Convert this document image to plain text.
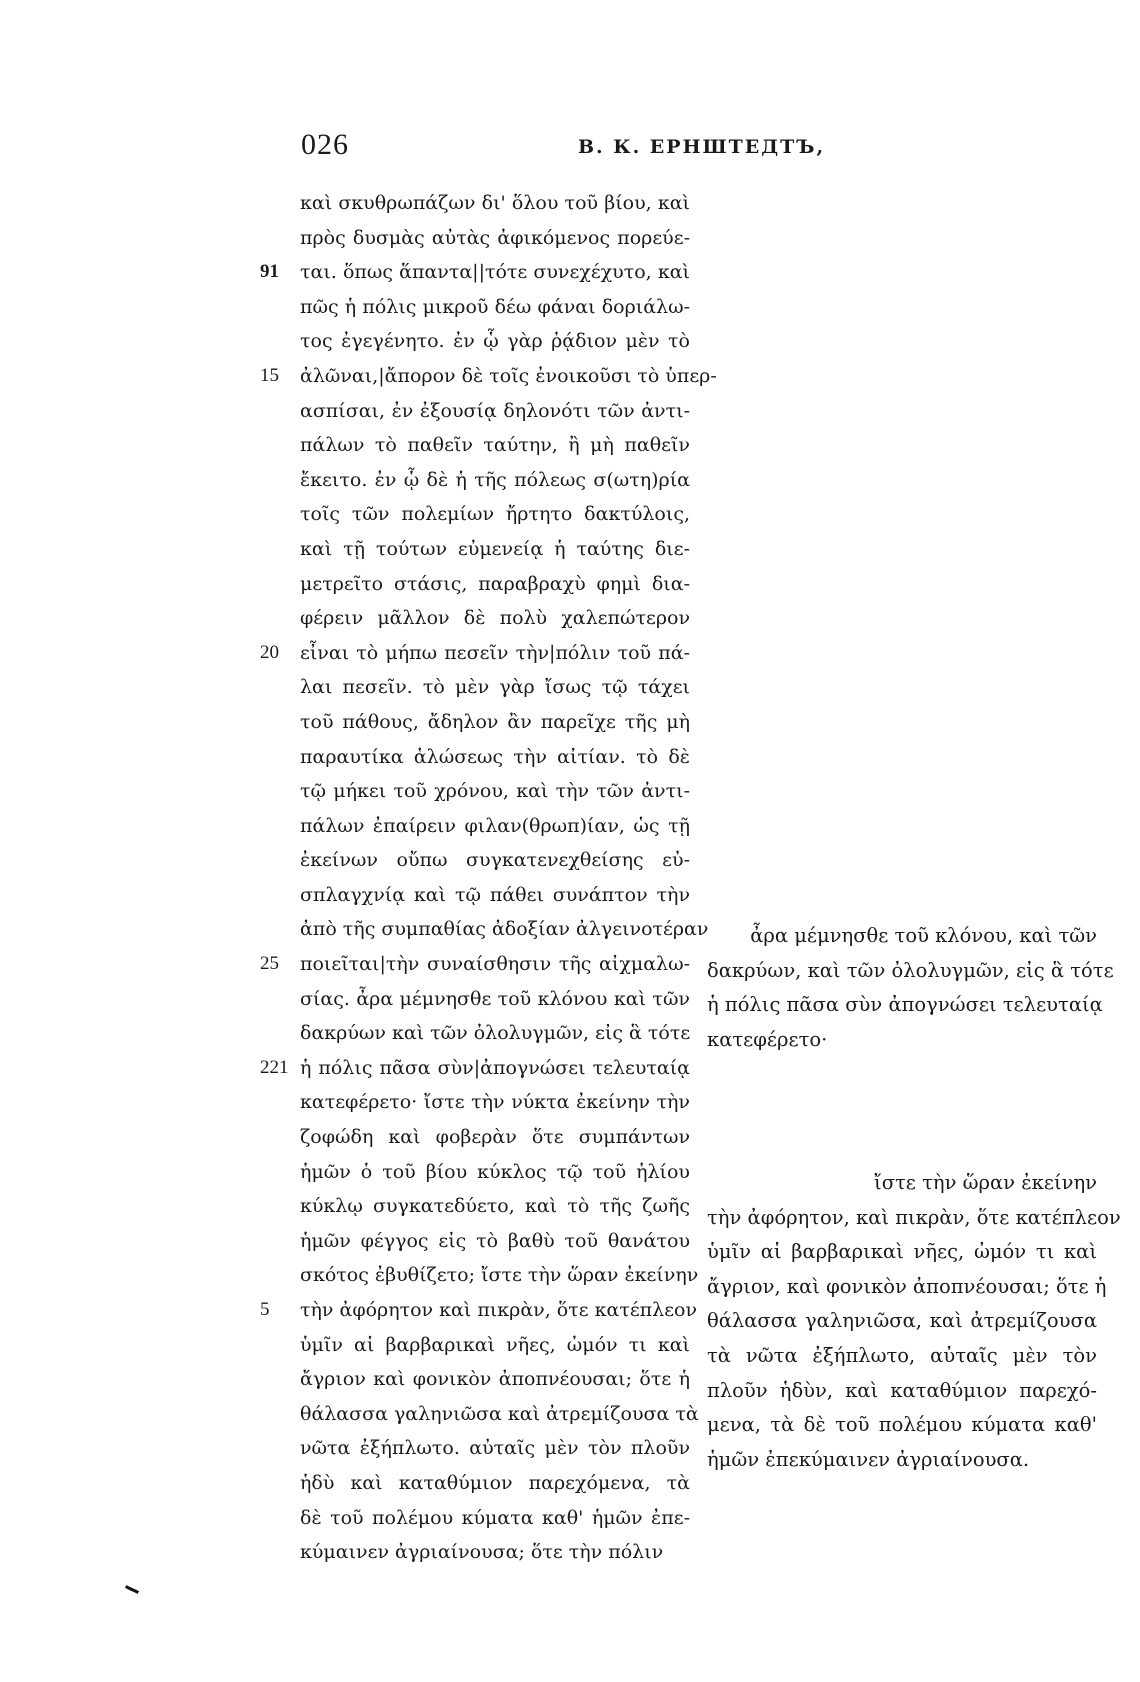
026	В. К. ЕРНШТЕДТЪ,
καὶ σκυθρωπάζων δι' ὅλου τοῦ βίου, καὶ
πρὸς δυσμὰς αὐτὰς ἀφικόμενος πορεύε-
91	ται. ὅπως ἅπαντα||τότε συνεχέχυτο, καὶ
πῶς ἡ πόλις μικροῦ δέω φάναι δοριάλω-
τος ἐγεγένητο. ἐν ᾧ γὰρ ῥᾴδιον μὲν τὸ
15	ἀλῶναι,|ἄπορον δὲ τοῖς ἐνοικοῦσι τὸ ὑπερ-
ασπίσαι, ἐν ἐξουσίᾳ δηλονότι τῶν ἀντι-
πάλων τὸ παθεῖν ταύτην, ἢ μὴ παθεῖν
ἔκειτο. ἐν ᾧ δὲ ἡ τῆς πόλεως σ(ωτη)ρία
τοῖς τῶν πολεμίων ἤρτητο δακτύλοις,
καὶ τῇ τούτων εὐμενείᾳ ἡ ταύτης διε-
μετρεῖτο στάσις, παραβραχὺ φημὶ δια-
φέρειν μᾶλλον δὲ πολὺ χαλεπώτερον
20	εἶναι τὸ μήπω πεσεῖν τὴν|πόλιν τοῦ πά-
λαι πεσεῖν. τὸ μὲν γὰρ ἴσως τῷ τάχει
τοῦ πάθους, ἄδηλον ἂν παρεῖχε τῆς μὴ
παραυτίκα ἁλώσεως τὴν αἰτίαν. τὸ δὲ
τῷ μήκει τοῦ χρόνου, καὶ τὴν τῶν ἀντι-
πάλων ἐπαίρειν φιλαν(θρωπ)ίαν, ὡς τῇ
ἐκείνων οὔπω συγκατενεχθείσης εὐ-
σπλαγχνίᾳ καὶ τῷ πάθει συνάπτον τὴν
ἀπὸ τῆς συμπαθίας ἀδοξίαν ἀλγεινοτέραν
25	ποιεῖται|τὴν συναίσθησιν τῆς αἰχμαλω-
σίας. ἆρα μέμνησθε τοῦ κλόνου καὶ τῶν
δακρύων καὶ τῶν ὀλολυγμῶν, εἰς ἃ τότε
221 ἡ πόλις πᾶσα σὺν|ἀπογνώσει τελευταίᾳ
κατεφέρετο· ἴστε τὴν νύκτα ἐκείνην τὴν
ζοφώδη καὶ φοβερὰν ὅτε συμπάντων
ἡμῶν ὁ τοῦ βίου κύκλος τῷ τοῦ ἡλίου
κύκλῳ συγκατεδύετο, καὶ τὸ τῆς ζωῆς
ἡμῶν φέγγος εἰς τὸ βαθὺ τοῦ θανάτου
σκότος ἐβυθίζετο; ἴστε τὴν ὥραν ἐκείνην
5	τὴν ἀφόρητον καὶ πικρὰν, ὅτε κατέπλεον
ὑμῖν αἱ βαρβαρικαὶ νῆες, ὠμόν τι καὶ
ἄγριον καὶ φονικὸν ἀποπνέουσαι; ὅτε ἡ
θάλασσα γαληνιῶσα καὶ ἀτρεμίζουσα τὰ
νῶτα ἐξήπλωτο. αὐταῖς μὲν τὸν πλοῦν
ἡδὺ καὶ καταθύμιον παρεχόμενα, τὰ
δὲ τοῦ πολέμου κύματα καθ' ἡμῶν ἐπε-
κύμαινεν ἀγριαίνουσα; ὅτε τὴν πόλιν
ἆρα μέμνησθε τοῦ κλόνου, καὶ τῶν
δακρύων, καὶ τῶν ὀλολυγμῶν, εἰς ἃ τότε
ἡ πόλις πᾶσα σὺν ἀπογνώσει τελευταίᾳ
κατεφέρετο·
ἴστε τὴν ὥραν ἐκείνην
τὴν ἀφόρητον, καὶ πικρὰν, ὅτε κατέπλεον
ὑμῖν αἱ βαρβαρικαὶ νῆες, ὠμόν τι καὶ
ἄγριον, καὶ φονικὸν ἀποπνέουσαι; ὅτε ἡ
θάλασσα γαληνιῶσα, καὶ ἀτρεμίζουσα
τὰ νῶτα ἐξήπλωτο, αὐταῖς μὲν τὸν
πλοῦν ἡδὺν, καὶ καταθύμιον παρεχό-
μενα, τὰ δὲ τοῦ πολέμου κύματα καθ'
ἡμῶν ἐπεκύμαινεν ἀγριαίνουσα.
